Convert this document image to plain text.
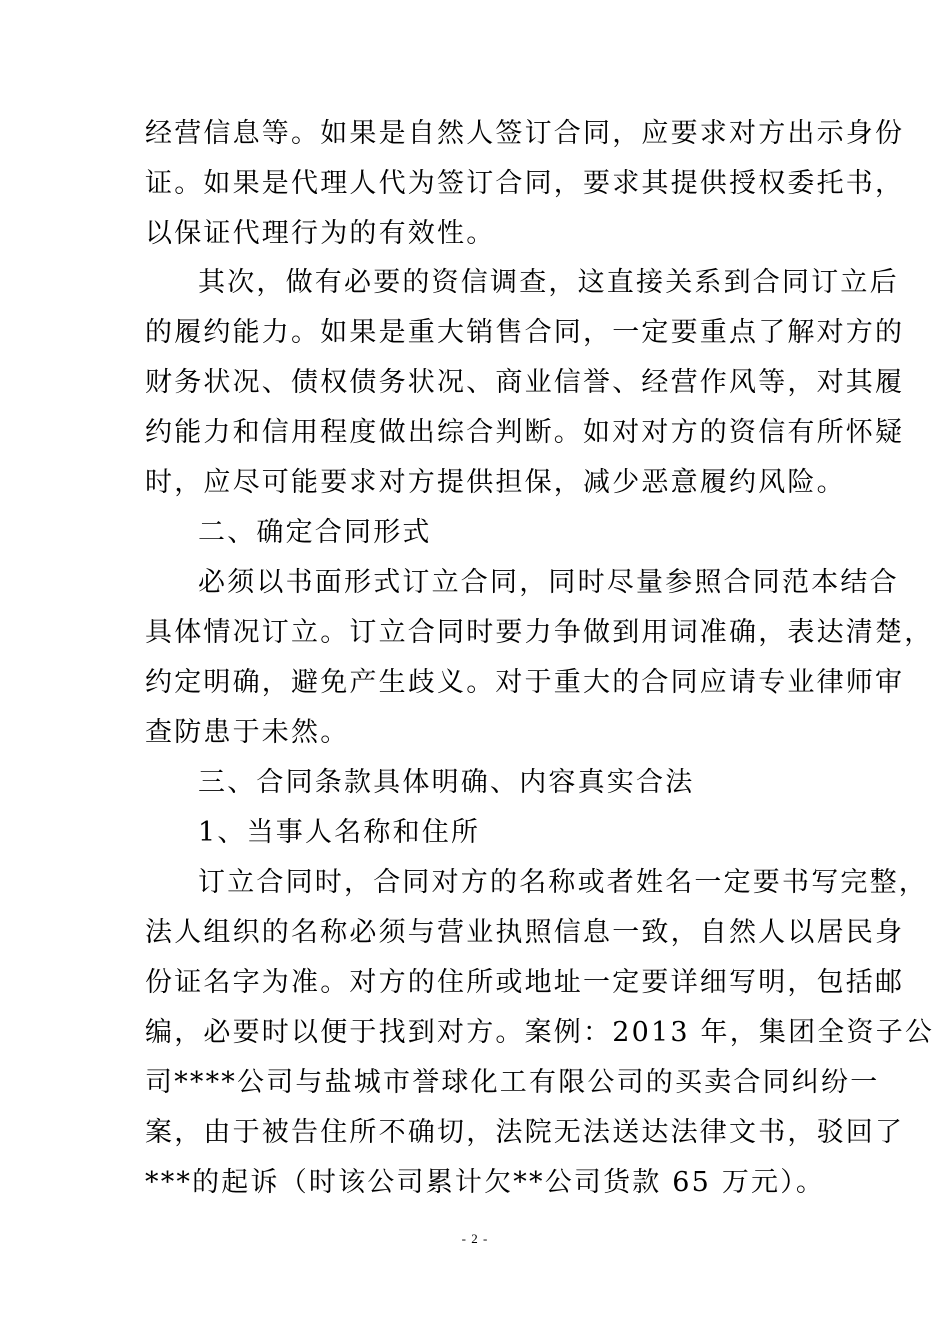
经营信息等。如果是自然人签订合同，应要求对方出示身份
证。如果是代理人代为签订合同，要求其提供授权委托书，
以保证代理行为的有效性。
其次，做有必要的资信调查，这直接关系到合同订立后
的履约能力。如果是重大销售合同，一定要重点了解对方的
财务状况、债权债务状况、商业信誉、经营作风等，对其履
约能力和信用程度做出综合判断。如对对方的资信有所怀疑
时，应尽可能要求对方提供担保，减少恶意履约风险。
二、确定合同形式
必须以书面形式订立合同，同时尽量参照合同范本结合
具体情况订立。订立合同时要力争做到用词准确，表达清楚，
约定明确，避免产生歧义。对于重大的合同应请专业律师审
查防患于未然。
三、合同条款具体明确、内容真实合法
1、当事人名称和住所
订立合同时，合同对方的名称或者姓名一定要书写完整，
法人组织的名称必须与营业执照信息一致，自然人以居民身
份证名字为准。对方的住所或地址一定要详细写明，包括邮
编，必要时以便于找到对方。案例：2013 年，集团全资子公
司****公司与盐城市誉球化工有限公司的买卖合同纠纷一
案，由于被告住所不确切，法院无法送达法律文书，驳回了
***的起诉（时该公司累计欠**公司货款 65 万元）。
- 2 -
